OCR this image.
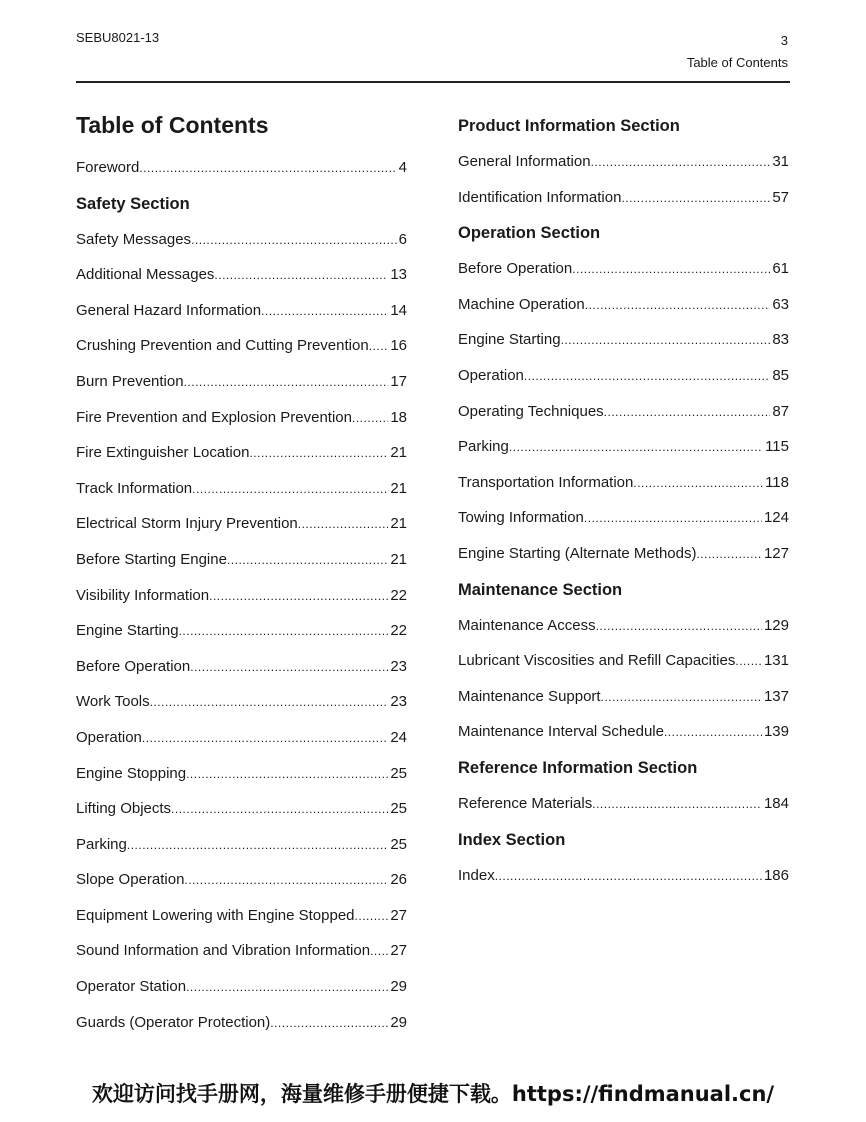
SEBU8021-13	3
Table of Contents
Table of Contents
Foreword .....	4
Safety Section
Safety Messages .....	6
Additional Messages .....	13
General Hazard Information .....	14
Crushing Prevention and Cutting Prevention ..... 16
Burn Prevention .....	17
Fire Prevention and Explosion Prevention .....	18
Fire Extinguisher Location .....	21
Track Information .....	21
Electrical Storm Injury Prevention .....	21
Before Starting Engine .....	21
Visibility Information .....	22
Engine Starting .....	22
Before Operation .....	23
Work Tools .....	23
Operation .....	24
Engine Stopping .....	25
Lifting Objects .....	25
Parking .....	25
Slope Operation .....	26
Equipment Lowering with Engine Stopped ..... 27
Sound Information and Vibration Information ..... 27
Operator Station .....	29
Guards (Operator Protection) .....	29
Product Information Section
General Information .....	31
Identification Information .....	57
Operation Section
Before Operation .....	61
Machine Operation .....	63
Engine Starting .....	83
Operation .....	85
Operating Techniques .....	87
Parking .....	115
Transportation Information .....	118
Towing Information .....	124
Engine Starting (Alternate Methods) .....	127
Maintenance Section
Maintenance Access .....	129
Lubricant Viscosities and Refill Capacities ..... 131
Maintenance Support .....	137
Maintenance Interval Schedule .....	139
Reference Information Section
Reference Materials .....	184
Index Section
Index .....	186
欢迎访问找手册网，海量维修手册便捷下载。https://findmanual.cn/
